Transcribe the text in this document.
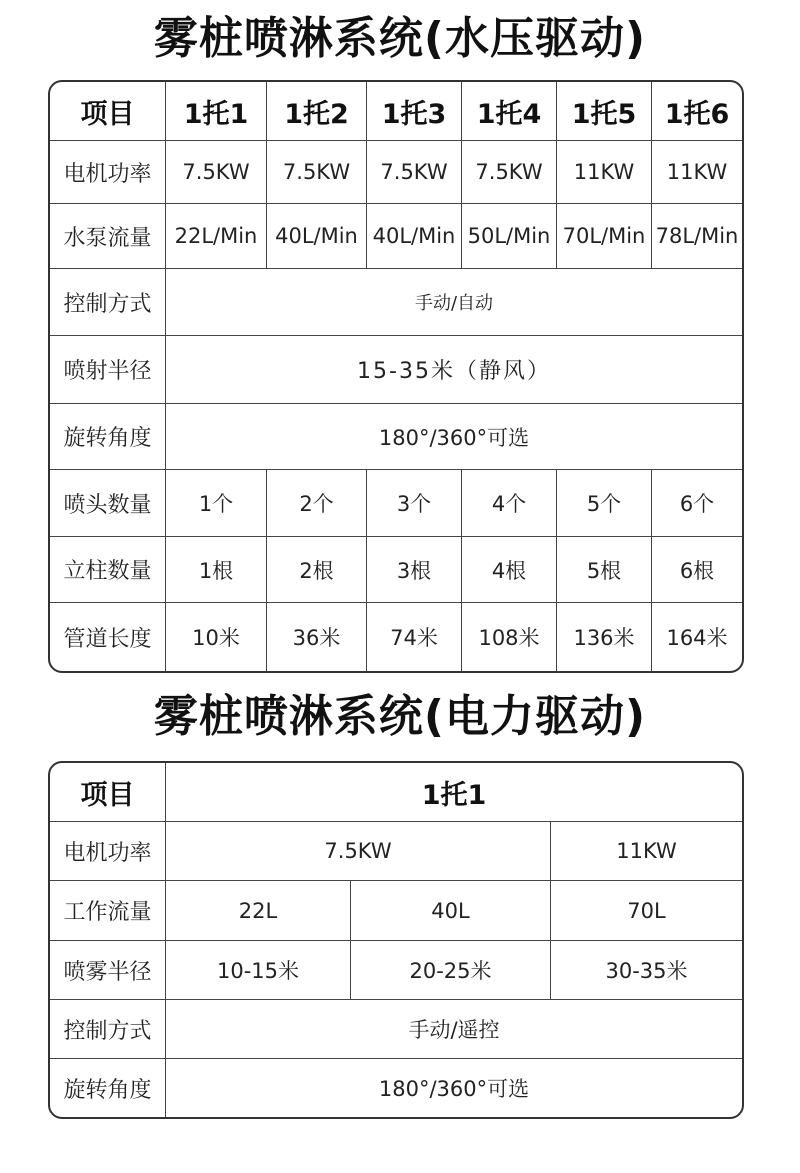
雾桩喷淋系统(水压驱动)
项目	1托1	1托2	1托3	1托4	1托5	1托6
电机功率	7.5KW	7.5KW	7.5KW	7.5KW	11KW	11KW
水泵流量	22L/Min 40L/Min 40L/Min 50L/Min 70L/Min 78L/Min
控制方式	手动/自动
喷射半径	15-35米（静风）
旋转角度	180°/360°可选
喷头数量	1个	2个	3个	4个	5个	6个
立柱数量	1根	2根	3根	4根	5根	6根
管道长度	10米	36米	74米	108米	136米	164米
雾桩喷淋系统(电力驱动)
项目	1托1
电机功率	7.5KW	11KW
工作流量	22L	40L	70L
喷雾半径	10-15米	20-25米	30-35米
控制方式	手动/遥控
旋转角度	180°/360°可选
